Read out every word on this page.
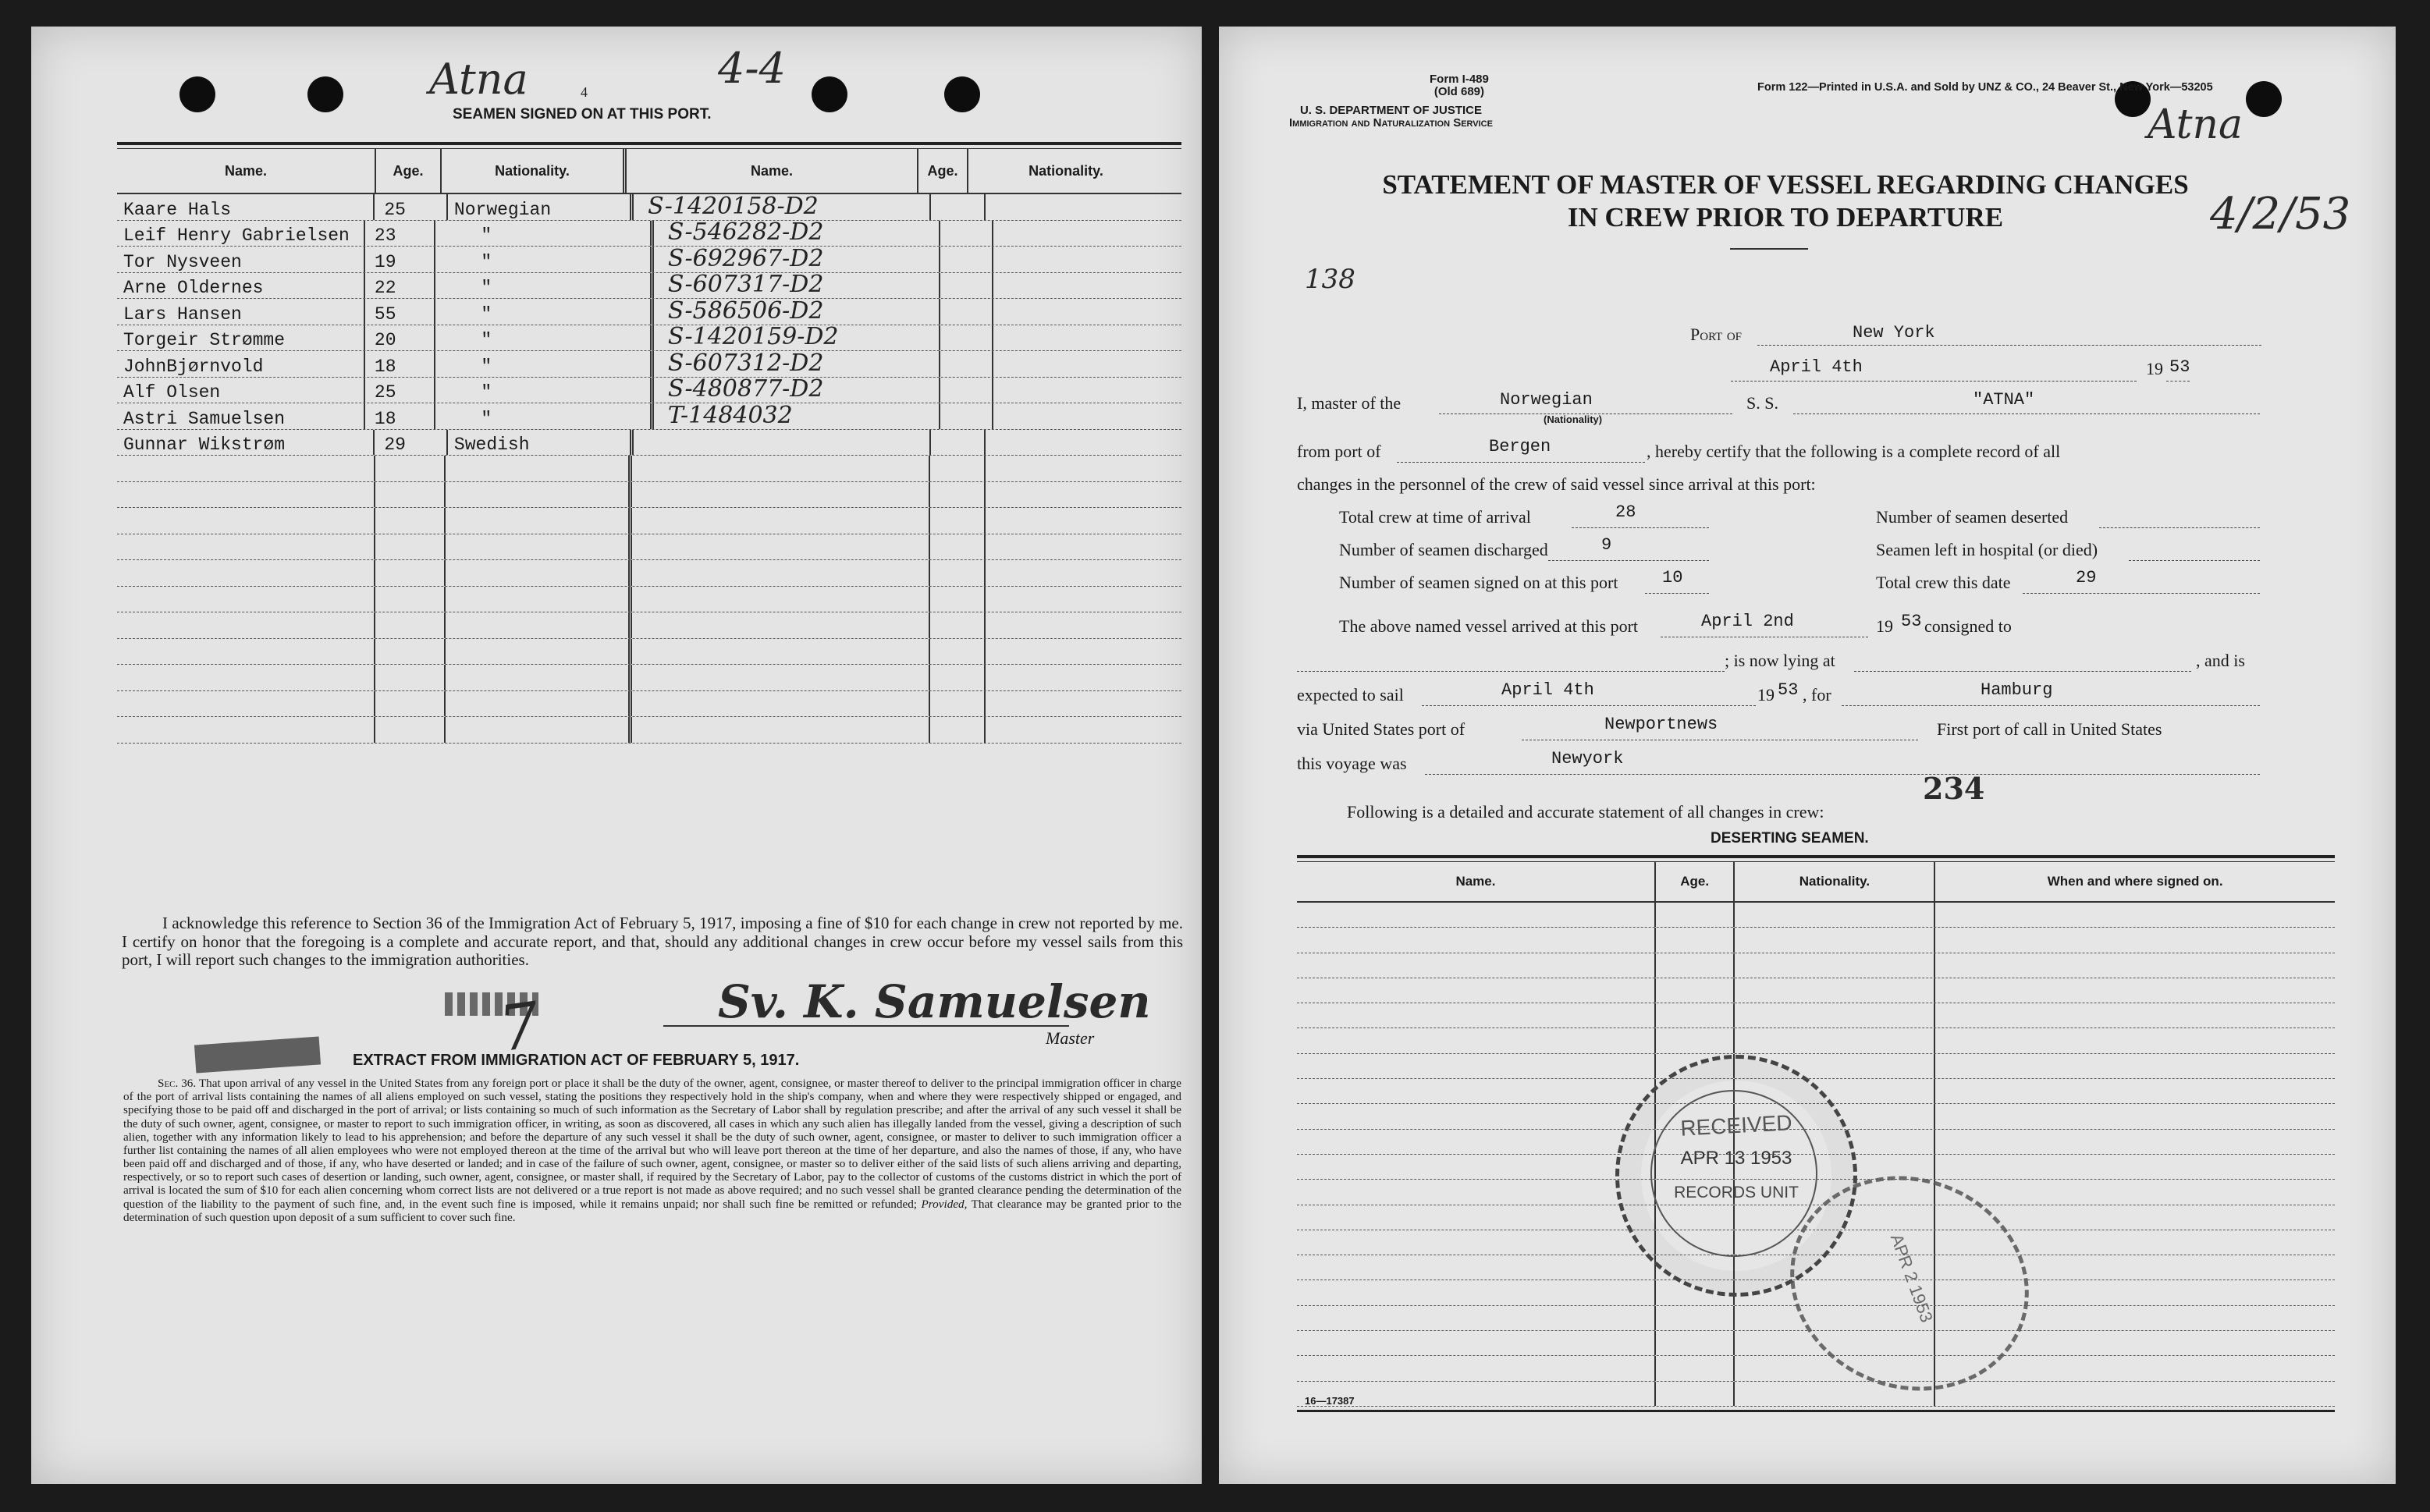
Atna	4	4-4
SEAMEN SIGNED ON AT THIS PORT.
Name.	Age.	Nationality.	Name.	Age.	Nationality.
Kaare Hals	25	Norwegian	S-1420158-D2
Leif Henry Gabrielsen	23	"	S-546282-D2
Tor Nysveen	19	"	S-692967-D2
Arne Oldernes	22	"	S-607317-D2
Lars Hansen	55	"	S-586506-D2
Torgeir Strømme	20	"	S-1420159-D2
JohnBjørnvold	18	"	S-607312-D2
Alf Olsen	25	"	S-480877-D2
Astri Samuelsen	18	"	T-1484032
Gunnar Wikstrøm	29	Swedish
I acknowledge this reference to Section 36 of the Immigration Act of February 5, 1917, imposing a fine of $10 for each change in crew not reported by me. I certify on honor that the foregoing is a complete and accurate report, and that, should any additional changes in crew occur before my vessel sails from this port, I will report such changes to the immigration authorities.
7	Sv. K. Samuelsen
Master
EXTRACT FROM IMMIGRATION ACT OF FEBRUARY 5, 1917.
Sec. 36. That upon arrival of any vessel in the United States from any foreign port or place it shall be the duty of the owner, agent, consignee, or master thereof to deliver to the principal immigration officer in charge of the port of arrival lists containing the names of all aliens employed on such vessel, stating the positions they respectively hold in the ship's company, when and where they were respectively shipped or engaged, and specifying those to be paid off and discharged in the port of arrival; or lists containing so much of such information as the Secretary of Labor shall by regulation prescribe; and after the arrival of any such vessel it shall be the duty of such owner, agent, consignee, or master to report to such immigration officer, in writing, as soon as discovered, all cases in which any such alien has illegally landed from the vessel, giving a description of such alien, together with any information likely to lead to his apprehension; and before the departure of any such vessel it shall be the duty of such owner, agent, consignee, or master to deliver to such immigration officer a further list containing the names of all alien employees who were not employed thereon at the time of the arrival but who will leave port thereon at the time of her departure, and also the names of those, if any, who have been paid off and discharged and of those, if any, who have deserted or landed; and in case of the failure of such owner, agent, consignee, or master so to deliver either of the said lists of such aliens arriving and departing, respectively, or so to report such cases of desertion or landing, such owner, agent, consignee, or master shall, if required by the Secretary of Labor, pay to the collector of customs of the customs district in which the port of arrival is located the sum of $10 for each alien concerning whom correct lists are not delivered or a true report is not made as above required; and no such vessel shall be granted clearance pending the determination of the question of the liability to the payment of such fine, and, in the event such fine is imposed, while it remains unpaid; nor shall such fine be remitted or refunded; Provided, That clearance may be granted prior to the determination of such question upon deposit of a sum sufficient to cover such fine.
Form I-489
(Old 689)
U. S. DEPARTMENT OF JUSTICE
Immigration and Naturalization Service
Form 122—Printed in U.S.A. and Sold by UNZ & CO., 24 Beaver St., New York—53205
Atna
4/2/53
STATEMENT OF MASTER OF VESSEL REGARDING CHANGES
IN CREW PRIOR TO DEPARTURE
138
Port of	New York
April 4th	19 53
I, master of the	Norwegian
(Nationality)
S. S.	"ATNA"
from port of	Bergen	, hereby certify that the following is a complete record of all
changes in the personnel of the crew of said vessel since arrival at this port:
Total crew at time of arrival	28	Number of seamen deserted
Number of seamen discharged	9	Seamen left in hospital (or died)
Number of seamen signed on at this port	10	Total crew this date	29
The above named vessel arrived at this port	April 2nd	19 53 consigned to
; is now lying at	, and is
expected to sail	April 4th	19 53 , for	Hamburg
via United States port of	Newportnews	First port of call in United States
this voyage was	Newyork
234
Following is a detailed and accurate statement of all changes in crew:
DESERTING SEAMEN.
Name.	Age.	Nationality.	When and where signed on.
RECEIVED
APR 13 1953
RECORDS UNIT
APR 2 1953
16—17387
